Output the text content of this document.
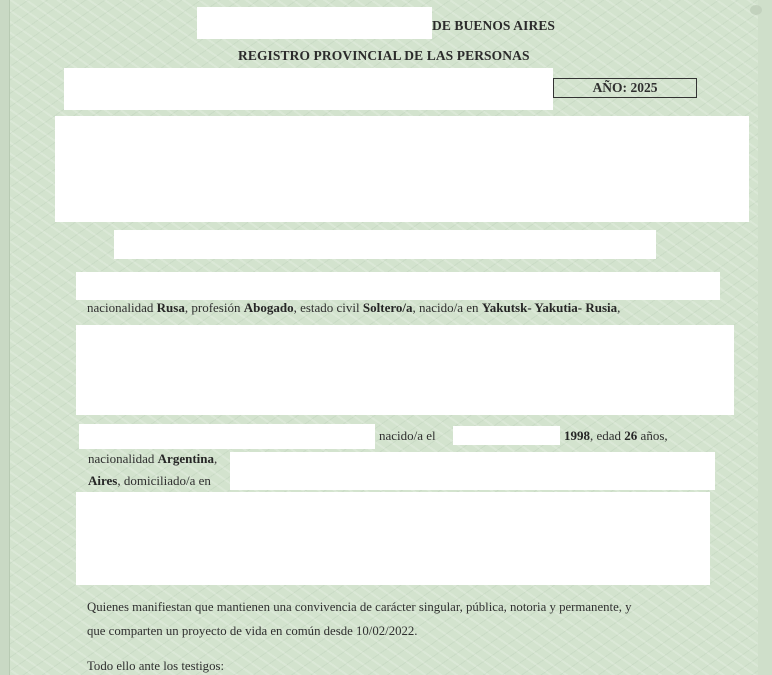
DE BUENOS AIRES
REGISTRO PROVINCIAL DE LAS PERSONAS
AÑO: 2025
nacionalidad Rusa, profesión Abogado, estado civil Soltero/a, nacido/a en Yakutsk- Yakutia- Rusia,
nacido/a el	1998, edad 26 años,
nacionalidad Argentina,
Aires, domiciliado/a en
Quienes manifiestan que mantienen una convivencia de carácter singular, pública, notoria y permanente, y
que comparten un proyecto de vida en común desde 10/02/2022.
Todo ello ante los testigos:
